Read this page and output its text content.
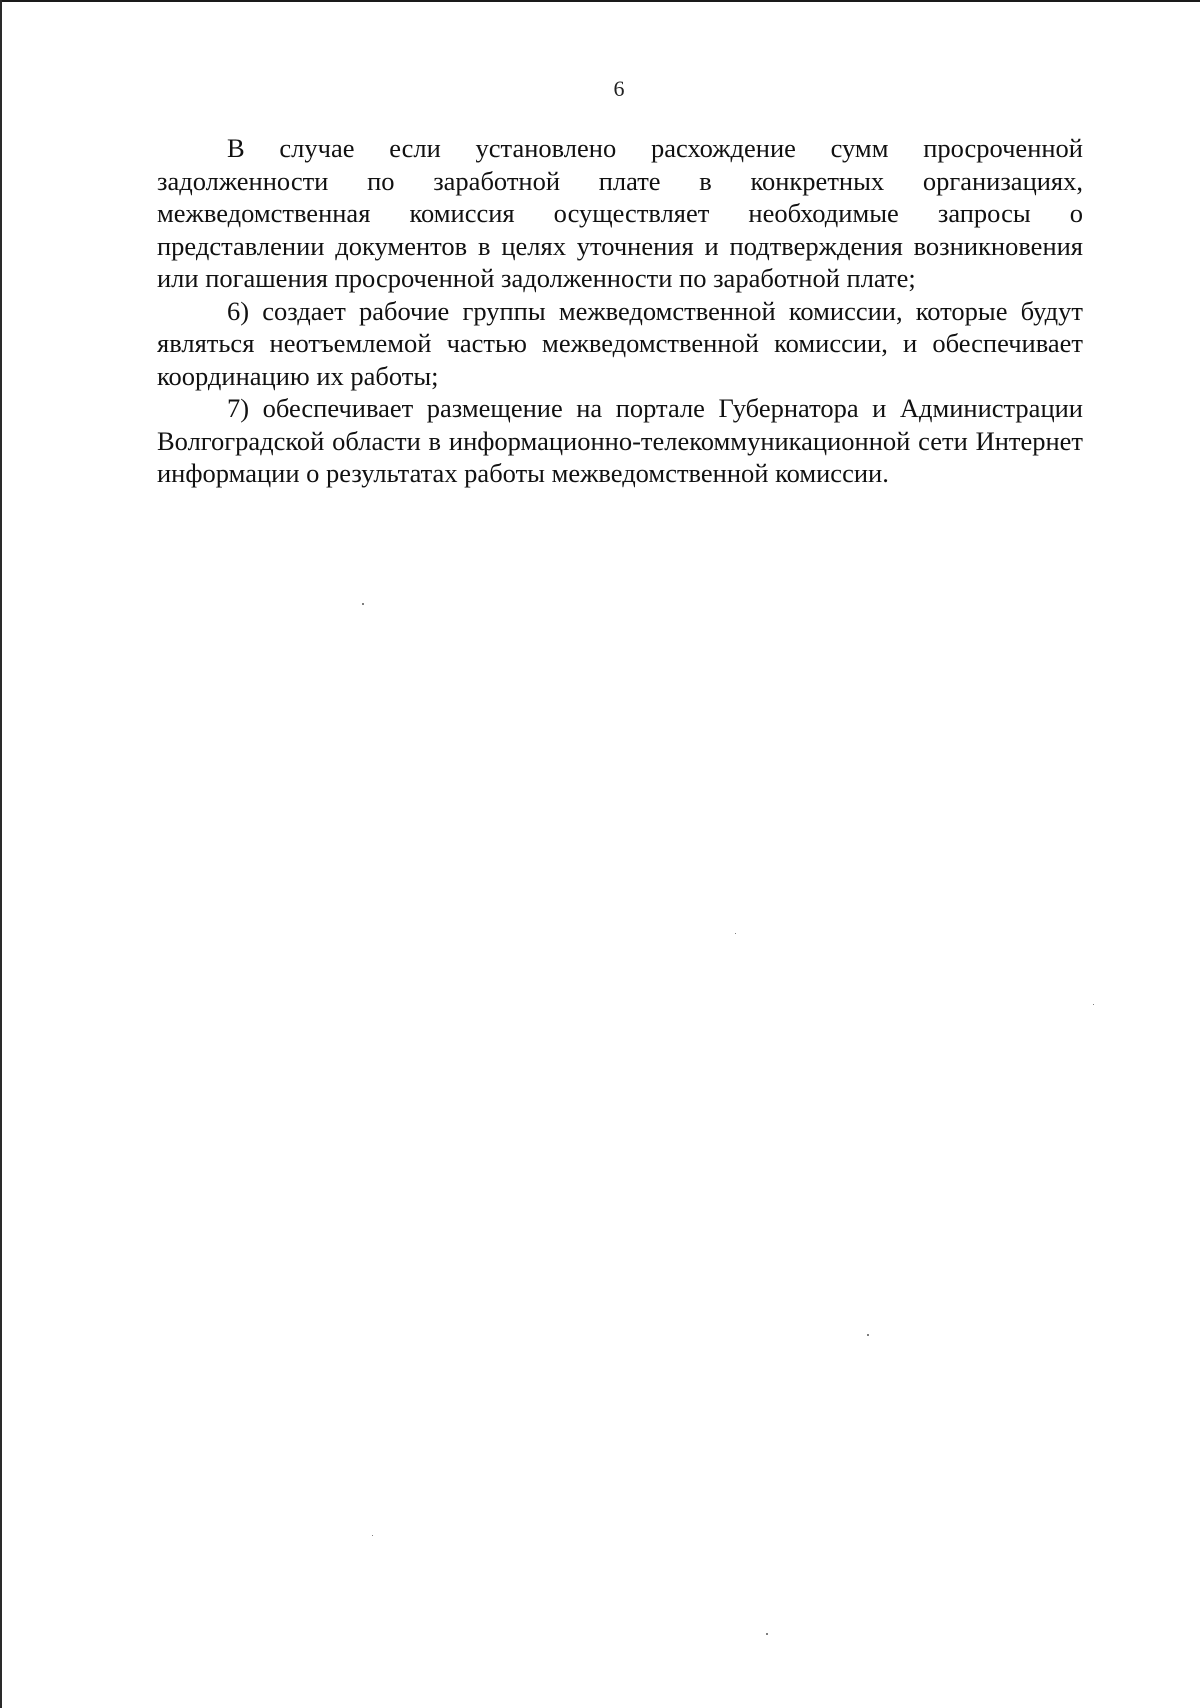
6

В случае если установлено расхождение сумм просроченной задолженности по заработной плате в конкретных организациях, межведомственная комиссия осуществляет необходимые запросы о представлении документов в целях уточнения и подтверждения возникновения или погашения просроченной задолженности по заработной плате;

6) создает рабочие группы межведомственной комиссии, которые будут являться неотъемлемой частью межведомственной комиссии, и обеспечивает координацию их работы;

7) обеспечивает размещение на портале Губернатора и Администрации Волгоградской области в информационно-телекоммуникационной сети Интернет информации о результатах работы межведомственной комиссии.
